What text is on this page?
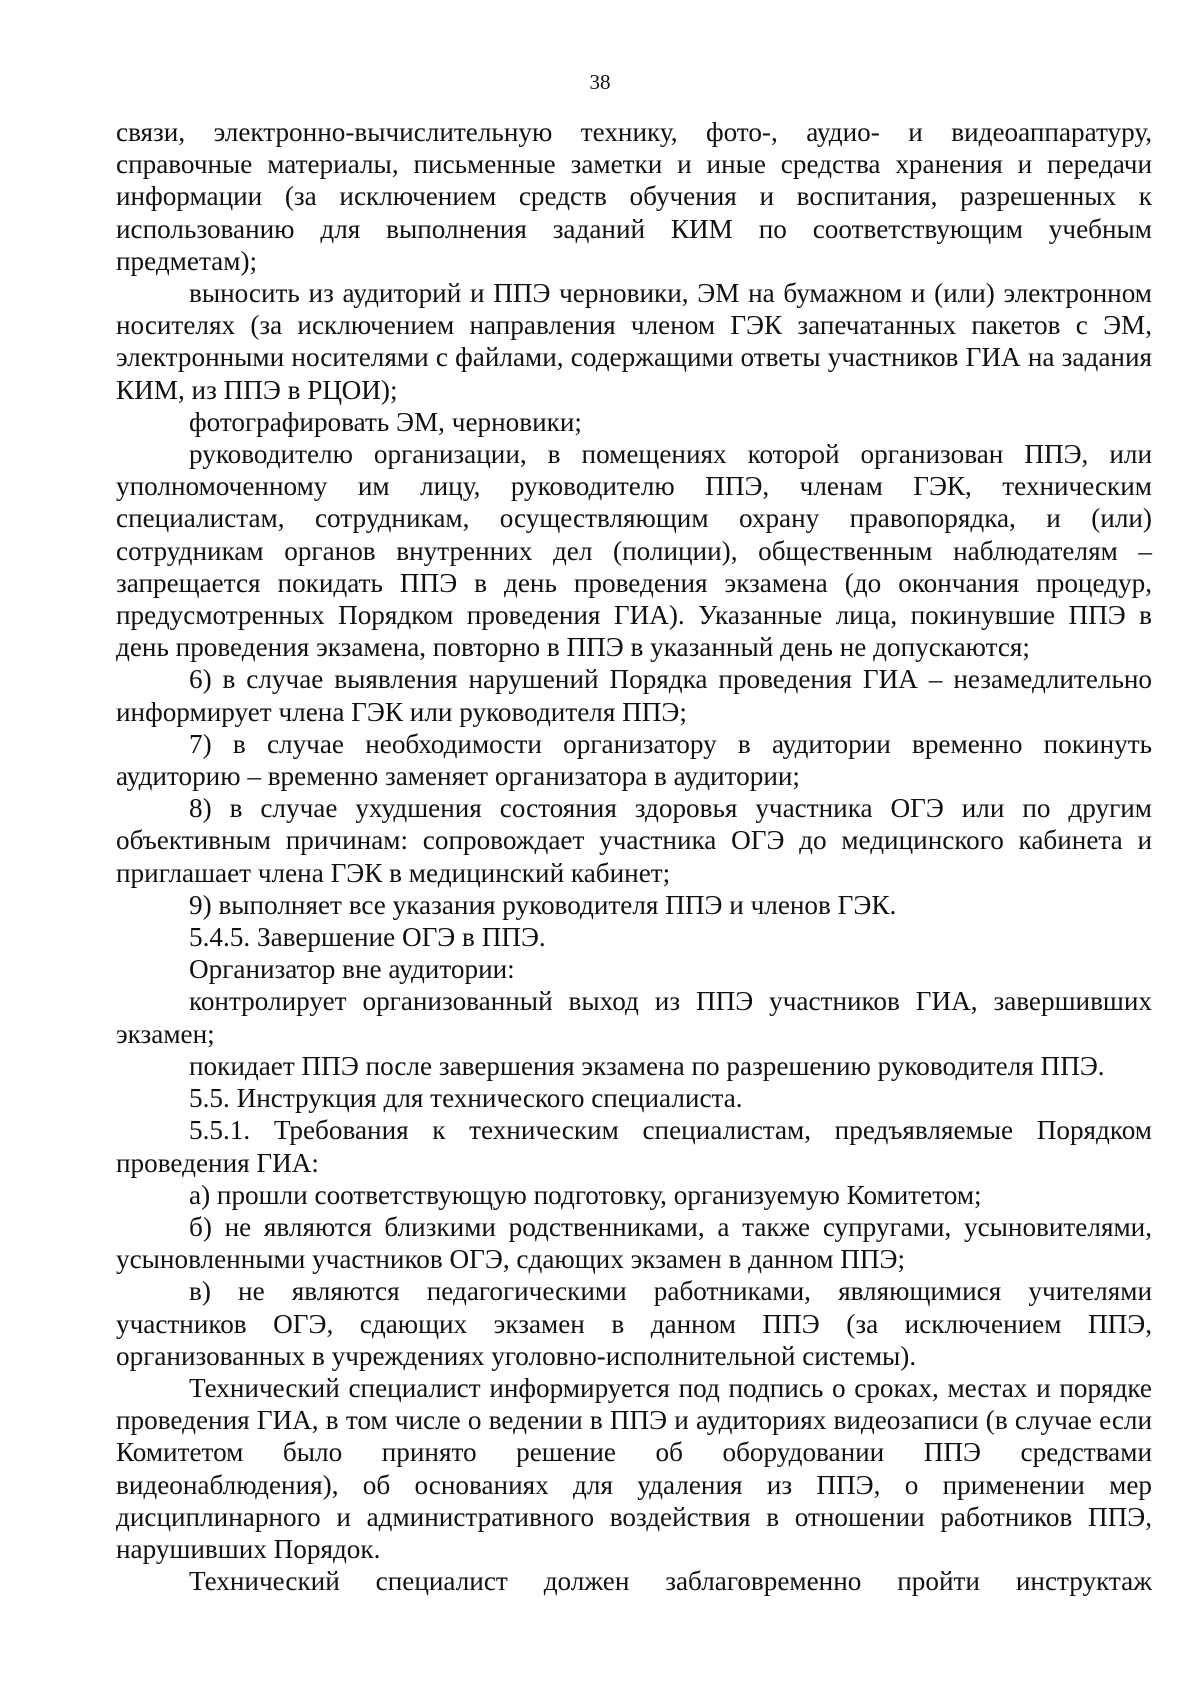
38

связи, электронно-вычислительную технику, фото-, аудио- и видеоаппаратуру, справочные материалы, письменные заметки и иные средства хранения и передачи информации (за исключением средств обучения и воспитания, разрешенных к использованию для выполнения заданий КИМ по соответствующим учебным предметам);

выносить из аудиторий и ППЭ черновики, ЭМ на бумажном и (или) электронном носителях (за исключением направления членом ГЭК запечатанных пакетов с ЭМ, электронными носителями с файлами, содержащими ответы участников ГИА на задания КИМ, из ППЭ в РЦОИ);

фотографировать ЭМ, черновики;

руководителю организации, в помещениях которой организован ППЭ, или уполномоченному им лицу, руководителю ППЭ, членам ГЭК, техническим специалистам, сотрудникам, осуществляющим охрану правопорядка, и (или) сотрудникам органов внутренних дел (полиции), общественным наблюдателям – запрещается покидать ППЭ в день проведения экзамена (до окончания процедур, предусмотренных Порядком проведения ГИА). Указанные лица, покинувшие ППЭ в день проведения экзамена, повторно в ППЭ в указанный день не допускаются;

6) в случае выявления нарушений Порядка проведения ГИА – незамедлительно информирует члена ГЭК или руководителя ППЭ;

7) в случае необходимости организатору в аудитории временно покинуть аудиторию – временно заменяет организатора в аудитории;

8) в случае ухудшения состояния здоровья участника ОГЭ или по другим объективным причинам: сопровождает участника ОГЭ до медицинского кабинета и приглашает члена ГЭК в медицинский кабинет;

9) выполняет все указания руководителя ППЭ и членов ГЭК.

5.4.5. Завершение ОГЭ в ППЭ.

Организатор вне аудитории:

контролирует организованный выход из ППЭ участников ГИА, завершивших экзамен;

покидает ППЭ после завершения экзамена по разрешению руководителя ППЭ.

5.5. Инструкция для технического специалиста.

5.5.1. Требования к техническим специалистам, предъявляемые Порядком проведения ГИА:

а) прошли соответствующую подготовку, организуемую Комитетом;

б) не являются близкими родственниками, а также супругами, усыновителями, усыновленными участников ОГЭ, сдающих экзамен в данном ППЭ;

в) не являются педагогическими работниками, являющимися учителями участников ОГЭ, сдающих экзамен в данном ППЭ (за исключением ППЭ, организованных в учреждениях уголовно-исполнительной системы).

Технический специалист информируется под подпись о сроках, местах и порядке проведения ГИА, в том числе о ведении в ППЭ и аудиториях видеозаписи (в случае если Комитетом было принято решение об оборудовании ППЭ средствами видеонаблюдения), об основаниях для удаления из ППЭ, о применении мер дисциплинарного и административного воздействия в отношении работников ППЭ, нарушивших Порядок.

Технический специалист должен заблаговременно пройти инструктаж
